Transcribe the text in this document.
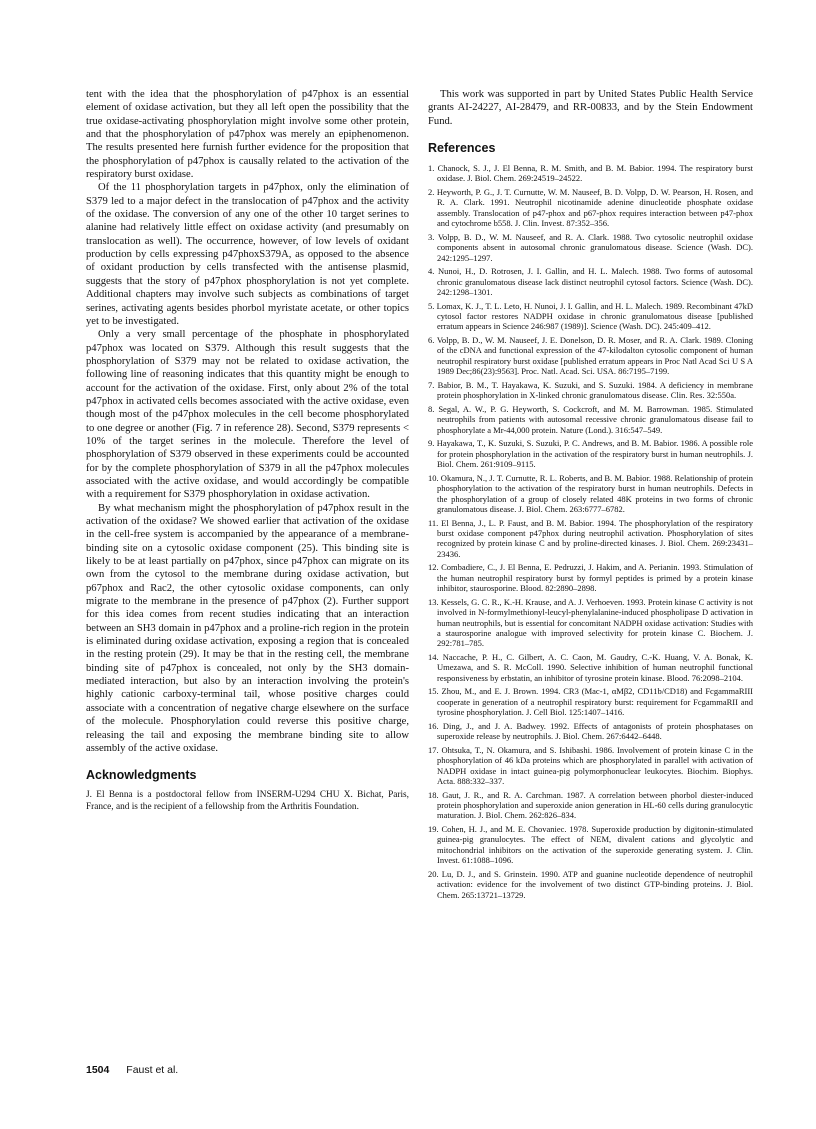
tent with the idea that the phosphorylation of p47phox is an essential element of oxidase activation, but they all left open the possibility that the true oxidase-activating phosphorylation might involve some other protein, and that the phosphorylation of p47phox was merely an epiphenomenon. The results presented here furnish further evidence for the proposition that the phosphorylation of p47phox is causally related to the activation of the respiratory burst oxidase.

Of the 11 phosphorylation targets in p47phox, only the elimination of S379 led to a major defect in the translocation of p47phox and the activity of the oxidase. The conversion of any one of the other 10 target serines to alanine had relatively little effect on oxidase activity (and presumably on translocation as well). The occurrence, however, of low levels of oxidant production by cells expressing p47phoxS379A, as opposed to the absence of oxidant production by cells transfected with the antisense plasmid, suggests that the story of p47phox phosphorylation is not yet complete. Additional chapters may involve such subjects as combinations of target serines, activating agents besides phorbol myristate acetate, or other topics yet to be investigated.

Only a very small percentage of the phosphate in phosphorylated p47phox was located on S379. Although this result suggests that the phosphorylation of S379 may not be related to oxidase activation, the following line of reasoning indicates that this quantity might be enough to account for the activation of the oxidase. First, only about 2% of the total p47phox in activated cells becomes associated with the active oxidase, even though most of the p47phox molecules in the cell become phosphorylated to one degree or another (Fig. 7 in reference 28). Second, S379 represents < 10% of the target serines in the molecule. Therefore the level of phosphorylation of S379 observed in these experiments could be accounted for by the complete phosphorylation of S379 in all the p47phox molecules associated with the active oxidase, and would accordingly be compatible with a requirement for S379 phosphorylation in oxidase activation.

By what mechanism might the phosphorylation of p47phox result in the activation of the oxidase? We showed earlier that activation of the oxidase in the cell-free system is accompanied by the appearance of a membrane-binding site on a cytosolic oxidase component (25). This binding site is likely to be at least partially on p47phox, since p47phox can migrate on its own from the cytosol to the membrane during oxidase activation, but p67phox and Rac2, the other cytosolic oxidase components, can only migrate to the membrane in the presence of p47phox (2). Further support for this idea comes from recent studies indicating that an interaction between an SH3 domain in p47phox and a proline-rich region in the protein is eliminated during oxidase activation, exposing a region that is concealed in the resting protein (29). It may be that in the resting cell, the membrane binding site of p47phox is concealed, not only by the SH3 domain-mediated interaction, but also by an interaction involving the protein's highly cationic carboxy-terminal tail, whose positive charges could associate with a concentration of negative charge elsewhere on the surface of the molecule. Phosphorylation could reverse this positive charge, releasing the tail and exposing the membrane binding site to allow assembly of the active oxidase.

Acknowledgments

J. El Benna is a postdoctoral fellow from INSERM-U294 CHU X. Bichat, Paris, France, and is the recipient of a fellowship from the Arthritis Foundation.

This work was supported in part by United States Public Health Service grants AI-24227, AI-28479, and RR-00833, and by the Stein Endowment Fund.

References
1. Chanock, S. J., J. El Benna, R. M. Smith, and B. M. Babior. 1994. The respiratory burst oxidase. J. Biol. Chem. 269:24519–24522.
2. Heyworth, P. G., J. T. Curnutte, W. M. Nauseef, B. D. Volpp, D. W. Pearson, H. Rosen, and R. A. Clark. 1991. Neutrophil nicotinamide adenine dinucleotide phosphate oxidase assembly. Translocation of p47-phox and p67-phox requires interaction between p47-phox and cytochrome b558. J. Clin. Invest. 87:352–356.
3. Volpp, B. D., W. M. Nauseef, and R. A. Clark. 1988. Two cytosolic neutrophil oxidase components absent in autosomal chronic granulomatous disease. Science (Wash. DC). 242:1295–1297.
4. Nunoi, H., D. Rotrosen, J. I. Gallin, and H. L. Malech. 1988. Two forms of autosomal chronic granulomatous disease lack distinct neutrophil cytosol factors. Science (Wash. DC). 242:1298–1301.
5. Lomax, K. J., T. L. Leto, H. Nunoi, J. I. Gallin, and H. L. Malech. 1989. Recombinant 47kD cytosol factor restores NADPH oxidase in chronic granulomatous disease [published erratum appears in Science 246:987 (1989)]. Science (Wash. DC). 245:409–412.
6. Volpp, B. D., W. M. Nauseef, J. E. Donelson, D. R. Moser, and R. A. Clark. 1989. Cloning of the cDNA and functional expression of the 47-kilodalton cytosolic component of human neutrophil respiratory burst oxidase [published erratum appears in Proc Natl Acad Sci U S A 1989 Dec;86(23):9563]. Proc. Natl. Acad. Sci. USA. 86:7195–7199.
7. Babior, B. M., T. Hayakawa, K. Suzuki, and S. Suzuki. 1984. A deficiency in membrane protein phosphorylation in X-linked chronic granulomatous disease. Clin. Res. 32:550a.
8. Segal, A. W., P. G. Heyworth, S. Cockcroft, and M. M. Barrowman. 1985. Stimulated neutrophils from patients with autosomal recessive chronic granulomatous disease fail to phosphorylate a Mr-44,000 protein. Nature (Lond.). 316:547–549.
9. Hayakawa, T., K. Suzuki, S. Suzuki, P. C. Andrews, and B. M. Babior. 1986. A possible role for protein phosphorylation in the activation of the respiratory burst in human neutrophils. J. Biol. Chem. 261:9109–9115.
10. Okamura, N., J. T. Curnutte, R. L. Roberts, and B. M. Babior. 1988. Relationship of protein phosphorylation to the activation of the respiratory burst in human neutrophils. Defects in the phosphorylation of a group of closely related 48K proteins in two forms of chronic granulomatous disease. J. Biol. Chem. 263:6777–6782.
11. El Benna, J., L. P. Faust, and B. M. Babior. 1994. The phosphorylation of the respiratory burst oxidase component p47phox during neutrophil activation. Phosphorylation of sites recognized by protein kinase C and by proline-directed kinases. J. Biol. Chem. 269:23431–23436.
12. Combadiere, C., J. El Benna, E. Pedruzzi, J. Hakim, and A. Perianin. 1993. Stimulation of the human neutrophil respiratory burst by formyl peptides is primed by a protein kinase inhibitor, staurosporine. Blood. 82:2890–2898.
13. Kessels, G. C. R., K.-H. Krause, and A. J. Verhoeven. 1993. Protein kinase C activity is not involved in N-formylmethionyl-leucyl-phenylalanine-induced phospholipase D activation in human neutrophils, but is essential for concomitant NADPH oxidase activation: Studies with a staurosporine analogue with improved selectivity for protein kinase C. Biochem. J. 292:781–785.
14. Naccache, P. H., C. Gilbert, A. C. Caon, M. Gaudry, C.-K. Huang, V. A. Bonak, K. Umezawa, and S. R. McColl. 1990. Selective inhibition of human neutrophil functional responsiveness by erbstatin, an inhibitor of tyrosine protein kinase. Blood. 76:2098–2104.
15. Zhou, M., and E. J. Brown. 1994. CR3 (Mac-1, αMβ2, CD11b/CD18) and FcgammaRIII cooperate in generation of a neutrophil respiratory burst: requirement for FcgammaRII and tyrosine phosphorylation. J. Cell Biol. 125:1407–1416.
16. Ding, J., and J. A. Badwey. 1992. Effects of antagonists of protein phosphatases on superoxide release by neutrophils. J. Biol. Chem. 267:6442–6448.
17. Ohtsuka, T., N. Okamura, and S. Ishibashi. 1986. Involvement of protein kinase C in the phosphorylation of 46 kDa proteins which are phosphorylated in parallel with activation of NADPH oxidase in intact guinea-pig polymorphonuclear leukocytes. Biochim. Biophys. Acta. 888:332–337.
18. Gaut, J. R., and R. A. Carchman. 1987. A correlation between phorbol diester-induced protein phosphorylation and superoxide anion generation in HL-60 cells during granulocytic maturation. J. Biol. Chem. 262:826–834.
19. Cohen, H. J., and M. E. Chovaniec. 1978. Superoxide production by digitonin-stimulated guinea-pig granulocytes. The effect of NEM, divalent cations and glycolytic and mitochondrial inhibitors on the activation of the superoxide generating system. J. Clin. Invest. 61:1088–1096.
20. Lu, D. J., and S. Grinstein. 1990. ATP and guanine nucleotide dependence of neutrophil activation: evidence for the involvement of two distinct GTP-binding proteins. J. Biol. Chem. 265:13721–13729.
1504 Faust et al.
